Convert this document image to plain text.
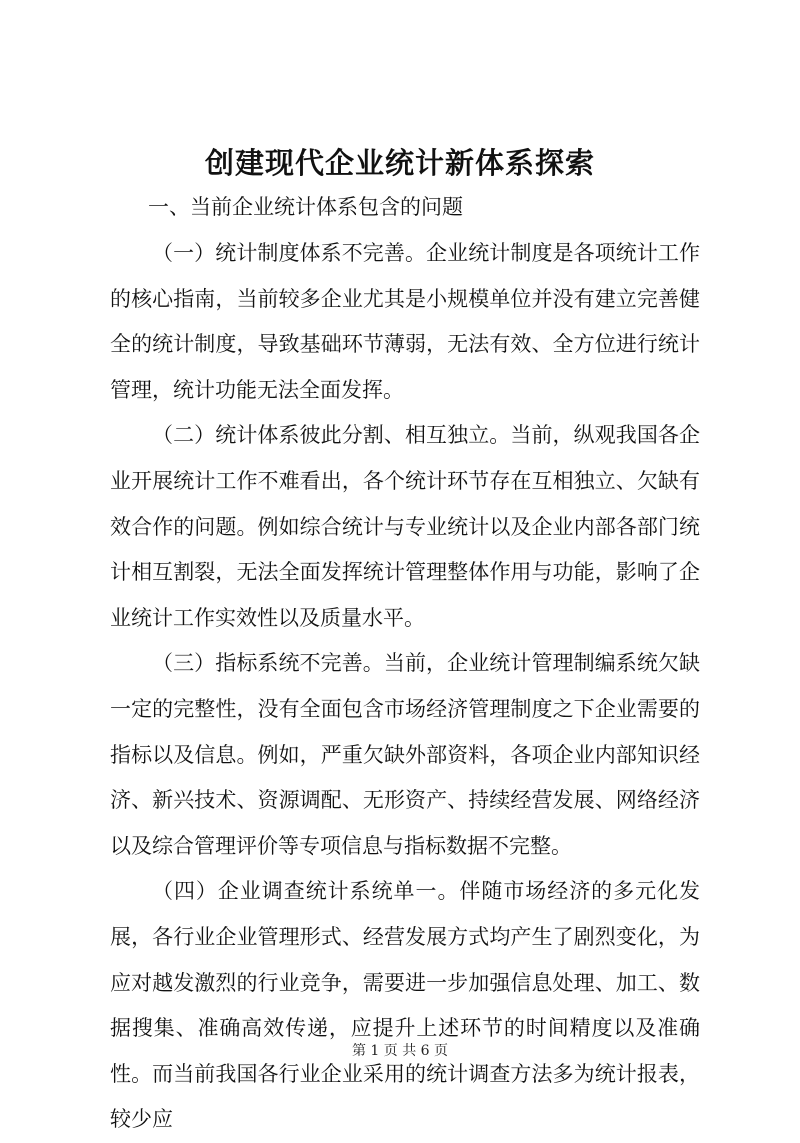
创建现代企业统计新体系探索

一、当前企业统计体系包含的问题

（一）统计制度体系不完善。企业统计制度是各项统计工作的核心指南，当前较多企业尤其是小规模单位并没有建立完善健全的统计制度，导致基础环节薄弱，无法有效、全方位进行统计管理，统计功能无法全面发挥。

（二）统计体系彼此分割、相互独立。当前，纵观我国各企业开展统计工作不难看出，各个统计环节存在互相独立、欠缺有效合作的问题。例如综合统计与专业统计以及企业内部各部门统计相互割裂，无法全面发挥统计管理整体作用与功能，影响了企业统计工作实效性以及质量水平。

（三）指标系统不完善。当前，企业统计管理制编系统欠缺一定的完整性，没有全面包含市场经济管理制度之下企业需要的指标以及信息。例如，严重欠缺外部资料，各项企业内部知识经济、新兴技术、资源调配、无形资产、持续经营发展、网络经济以及综合管理评价等专项信息与指标数据不完整。

（四）企业调查统计系统单一。伴随市场经济的多元化发展，各行业企业管理形式、经营发展方式均产生了剧烈变化，为应对越发激烈的行业竞争，需要进一步加强信息处理、加工、数据搜集、准确高效传递，应提升上述环节的时间精度以及准确性。而当前我国各行业企业采用的统计调查方法多为统计报表，较少应

第 1 页 共 6 页
